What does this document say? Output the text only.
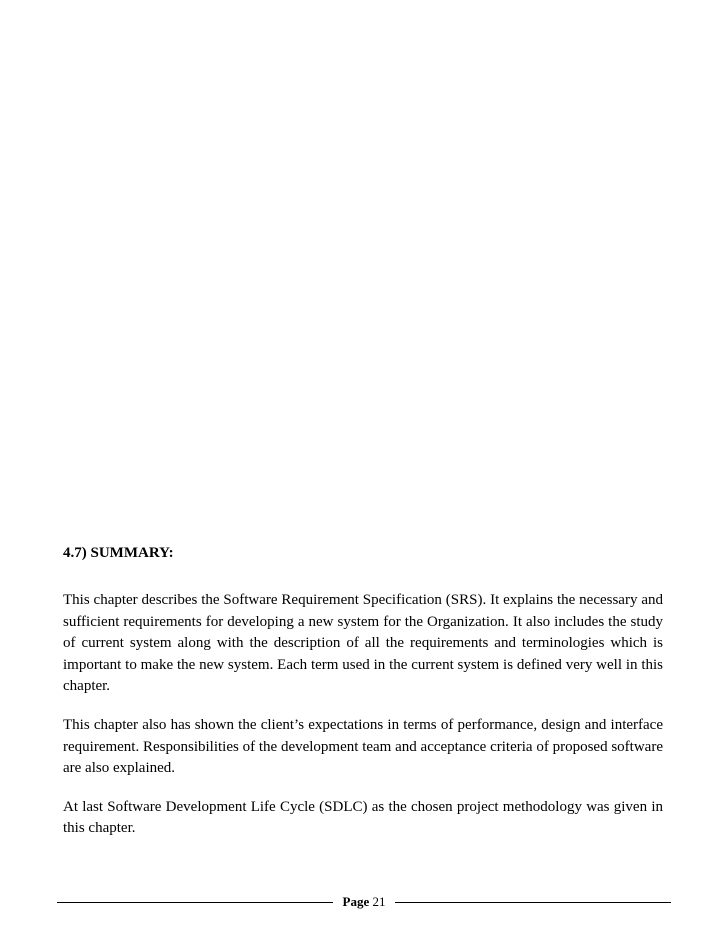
4.7) SUMMARY:

This chapter describes the Software Requirement Specification (SRS). It explains the necessary and sufficient requirements for developing a new system for the Organization. It also includes the study of current system along with the description of all the requirements and terminologies which is important to make the new system. Each term used in the current system is defined very well in this chapter.

This chapter also has shown the client’s expectations in terms of performance, design and interface requirement. Responsibilities of the development team and acceptance criteria of proposed software are also explained.

At last Software Development Life Cycle (SDLC) as the chosen project methodology was given in this chapter.

Page 21
